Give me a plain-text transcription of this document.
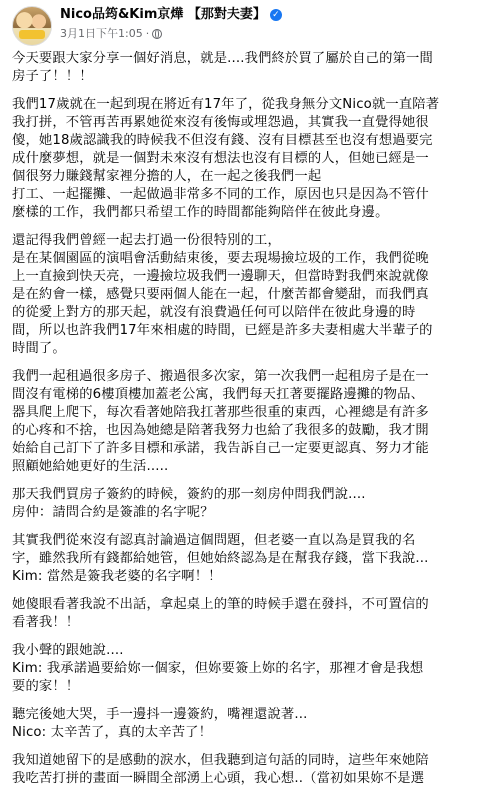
Nico品筠&Kim京燁 【那對夫妻】 ✓
3月1日下午1:05 ·
今天要跟大家分享一個好消息，就是....我們終於買了屬於自己的第一間
房子了！！！
我們17歲就在一起到現在將近有17年了，從我身無分文Nico就一直陪著
我打拼，不管再苦再累她從來沒有後悔或埋怨過，其實我一直覺得她很
傻，她18歲認識我的時候我不但沒有錢、沒有目標甚至也沒有想過要完
成什麼夢想，就是一個對未來沒有想法也沒有目標的人，但她已經是一
個很努力賺錢幫家裡分擔的人，在一起之後我們一起
打工、一起擺攤、一起做過非常多不同的工作，原因也只是因為不管什
麼樣的工作，我們都只希望工作的時間都能夠陪伴在彼此身邊。
還記得我們曾經一起去打過一份很特別的工，
是在某個園區的演唱會活動結束後，要去現場撿垃圾的工作，我們從晚
上一直撿到快天亮，一邊撿垃圾我們一邊聊天，但當時對我們來說就像
是在約會一樣，感覺只要兩個人能在一起，什麼苦都會變甜，而我們真
的從愛上對方的那天起，就沒有浪費過任何可以陪伴在彼此身邊的時
間，所以也許我們17年來相處的時間，已經是許多夫妻相處大半輩子的
時間了。
我們一起租過很多房子、搬過很多次家，第一次我們一起租房子是在一
間沒有電梯的6樓頂樓加蓋老公寓，我們每天扛著要擺路邊攤的物品、
器具爬上爬下，每次看著她陪我扛著那些很重的東西，心裡總是有許多
的心疼和不捨，也因為她總是陪著我努力也給了我很多的鼓勵，我才開
始給自己訂下了許多目標和承諾，我告訴自己一定要更認真、努力才能
照顧她給她更好的生活.....
那天我們買房子簽約的時候，簽約的那一刻房仲問我們說....
房仲：請問合約是簽誰的名字呢？
其實我們從來沒有認真討論過這個問題，但老婆一直以為是買我的名
字，雖然我所有錢都給她管，但她始終認為是在幫我存錢，當下我說...
Kim: 當然是簽我老婆的名字啊！！
她傻眼看著我說不出話，拿起桌上的筆的時候手還在發抖，不可置信的
看著我！！
我小聲的跟她說....
Kim: 我承諾過要給妳一個家，但妳要簽上妳的名字，那裡才會是我想
要的家！！
聽完後她大哭，手一邊抖一邊簽約，嘴裡還說著...
Nico: 太辛苦了，真的太辛苦了！
我知道她留下的是感動的淚水，但我聽到這句話的同時，這些年來她陪
我吃苦打拼的畫面一瞬間全部湧上心頭，我心想..（當初如果妳不是選
